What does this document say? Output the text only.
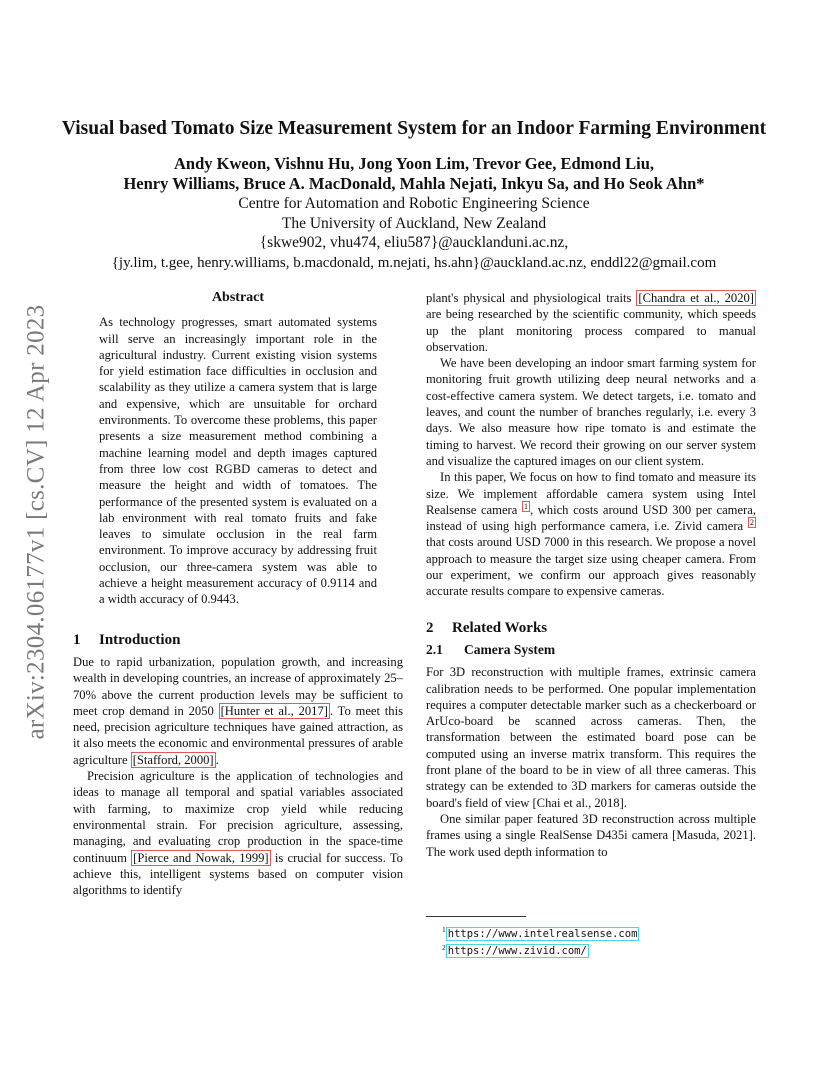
arXiv:2304.06177v1 [cs.CV] 12 Apr 2023
Visual based Tomato Size Measurement System for an Indoor Farming Environment
Andy Kweon, Vishnu Hu, Jong Yoon Lim, Trevor Gee, Edmond Liu,
Henry Williams, Bruce A. MacDonald, Mahla Nejati, Inkyu Sa, and Ho Seok Ahn*
Centre for Automation and Robotic Engineering Science
The University of Auckland, New Zealand
{skwe902, vhu474, eliu587}@aucklanduni.ac.nz,
{jy.lim, t.gee, henry.williams, b.macdonald, m.nejati, hs.ahn}@auckland.ac.nz, enddl22@gmail.com
Abstract

As technology progresses, smart automated systems will serve an increasingly important role in the agricultural industry. Current existing vision systems for yield estimation face difficulties in occlusion and scalability as they utilize a camera system that is large and expensive, which are unsuitable for orchard environments. To overcome these problems, this paper presents a size measurement method combining a machine learning model and depth images captured from three low cost RGBD cameras to detect and measure the height and width of tomatoes. The performance of the presented system is evaluated on a lab environment with real tomato fruits and fake leaves to simulate occlusion in the real farm environment. To improve accuracy by addressing fruit occlusion, our three-camera system was able to achieve a height measurement accuracy of 0.9114 and a width accuracy of 0.9443.

1 Introduction

Due to rapid urbanization, population growth, and increasing wealth in developing countries, an increase of approximately 25–70% above the current production levels may be sufficient to meet crop demand in 2050 [Hunter et al., 2017] . To meet this need, precision agriculture techniques have gained attraction, as it also meets the economic and environmental pressures of arable agriculture [Stafford, 2000] .

Precision agriculture is the application of technologies and ideas to manage all temporal and spatial variables associated with farming, to maximize crop yield while reducing environmental strain. For precision agriculture, assessing, managing, and evaluating crop production in the space-time continuum [Pierce and Nowak, 1999] is crucial for success. To achieve this, intelligent systems based on computer vision algorithms to identify

plant's physical and physiological traits [Chandra et al., 2020] are being researched by the scientific community, which speeds up the plant monitoring process compared to manual observation.

We have been developing an indoor smart farming system for monitoring fruit growth utilizing deep neural networks and a cost-effective camera system. We detect targets, i.e. tomato and leaves, and count the number of branches regularly, i.e. every 3 days. We also measure how ripe tomato is and estimate the timing to harvest. We record their growing on our server system and visualize the captured images on our client system.

In this paper, We focus on how to find tomato and measure its size. We implement affordable camera system using Intel Realsense camera $^1$ , which costs around USD 300 per camera, instead of using high performance camera, i.e. Zivid camera $^2$ that costs around USD 7000 in this research. We propose a novel approach to measure the target size using cheaper camera. From our experiment, we confirm our approach gives reasonably accurate results compare to expensive cameras.

2 Related Works
2.1 Camera System

For 3D reconstruction with multiple frames, extrinsic camera calibration needs to be performed. One popular implementation requires a computer detectable marker such as a checkerboard or ArUco-board be scanned across cameras. Then, the transformation between the estimated board pose can be computed using an inverse matrix transform. This requires the front plane of the board to be in view of all three cameras. This strategy can be extended to 3D markers for cameras outside the board's field of view [Chai et al., 2018].

One similar paper featured 3D reconstruction across multiple frames using a single RealSense D435i camera [Masuda, 2021]. The work used depth information to

$^1$ https://www.intelrealsense.com
$^2$ https://www.zivid.com/
